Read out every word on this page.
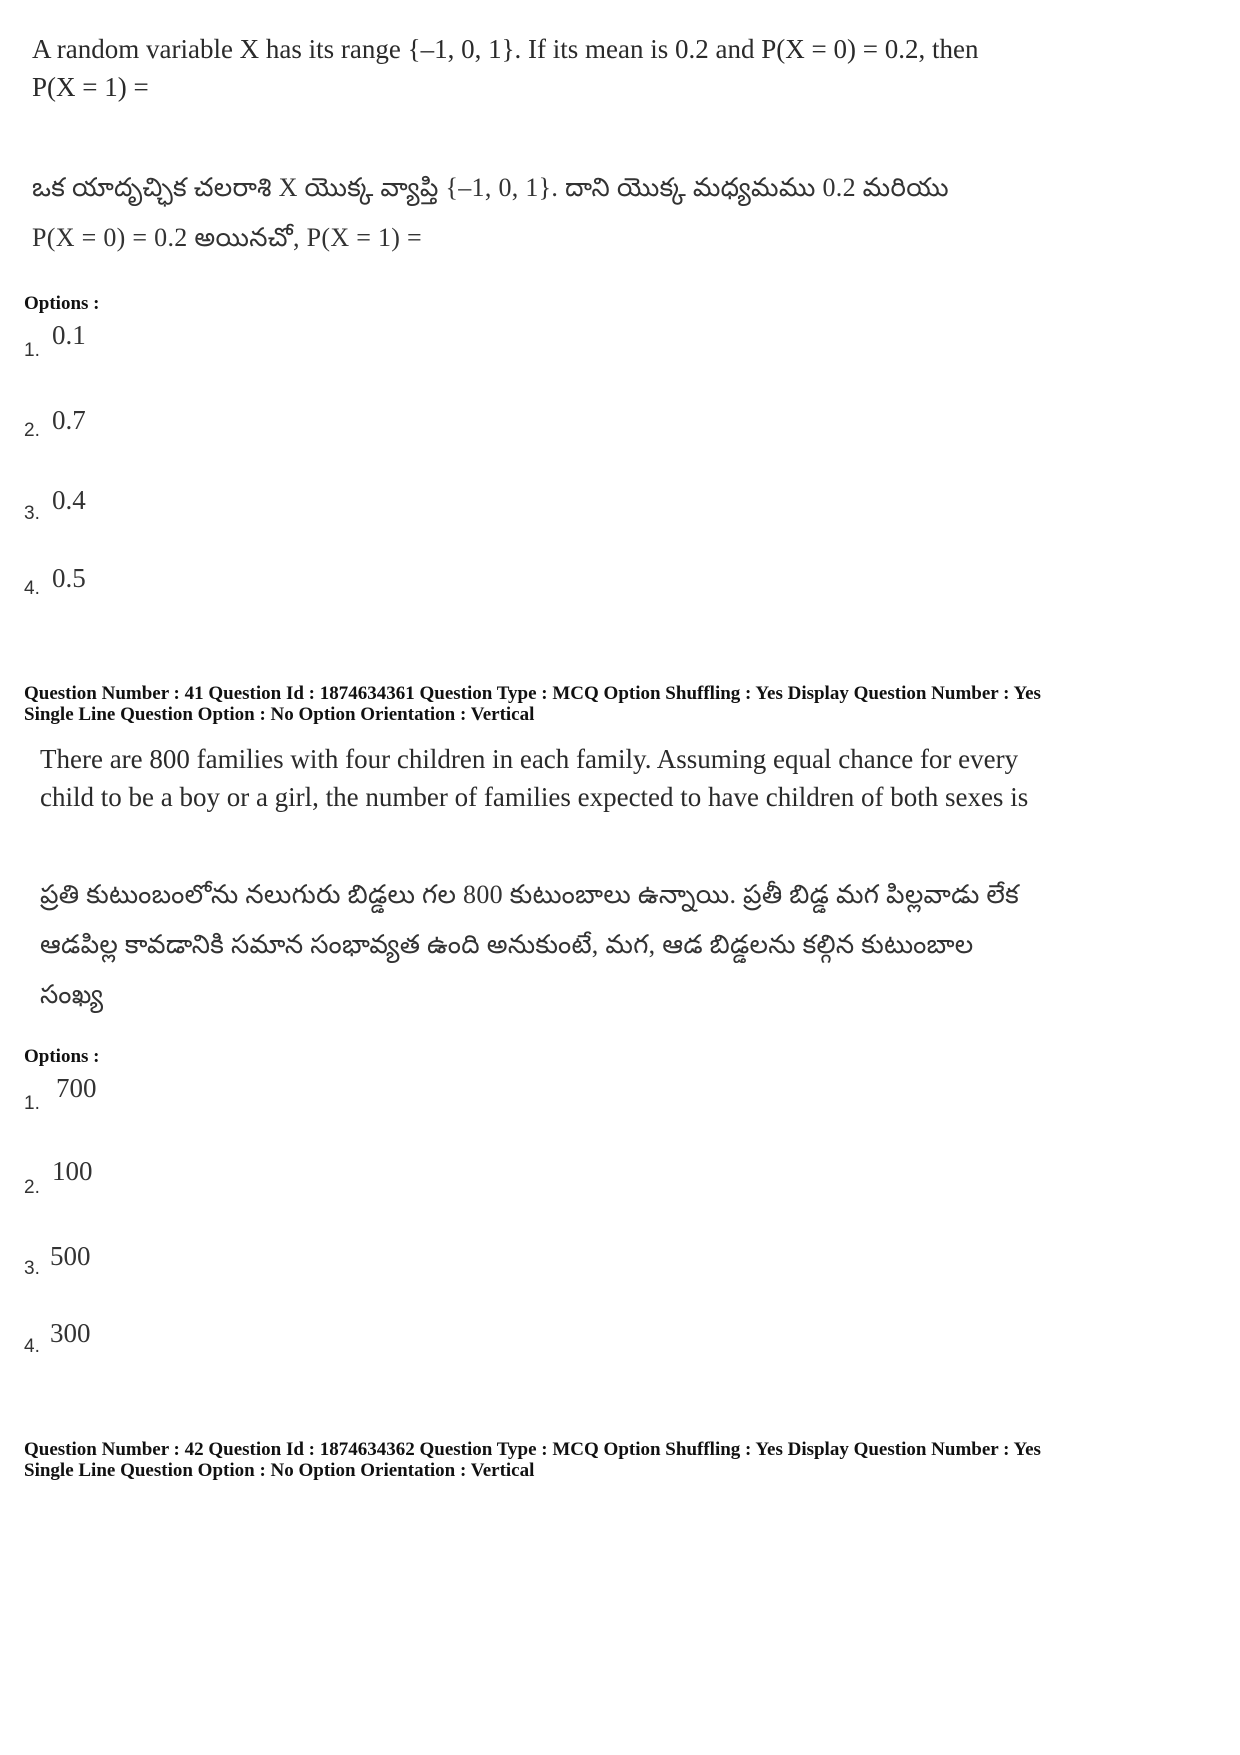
A random variable X has its range {–1, 0, 1}. If its mean is 0.2 and P(X = 0) = 0.2, then
P(X = 1) =
ఒక యాదృచ్ఛిక చలరాశి X యొక్క వ్యాప్తి {–1, 0, 1}. దాని యొక్క మధ్యమము 0.2 మరియు
P(X = 0) = 0.2 అయినచో, P(X = 1) =
Options :
1.
0.1
2. 0.7
3. 0.4
4. 0.5
Question Number : 41 Question Id : 1874634361 Question Type : MCQ Option Shuffling : Yes Display Question Number : Yes
Single Line Question Option : No Option Orientation : Vertical
There are 800 families with four children in each family. Assuming equal chance for every
child to be a boy or a girl, the number of families expected to have children of both sexes is
ప్రతి కుటుంబంలోను నలుగురు బిడ్డలు గల 800 కుటుంబాలు ఉన్నాయి. ప్రతీ బిడ్డ మగ పిల్లవాడు లేక
ఆడపిల్ల కావడానికి సమాన సంభావ్యత ఉంది అనుకుంటే, మగ, ఆడ బిడ్డలను కల్గిన కుటుంబాల
సంఖ్య
Options :
1.
700
2.
100
3. 500
4. 300
Question Number : 42 Question Id : 1874634362 Question Type : MCQ Option Shuffling : Yes Display Question Number : Yes
Single Line Question Option : No Option Orientation : Vertical
